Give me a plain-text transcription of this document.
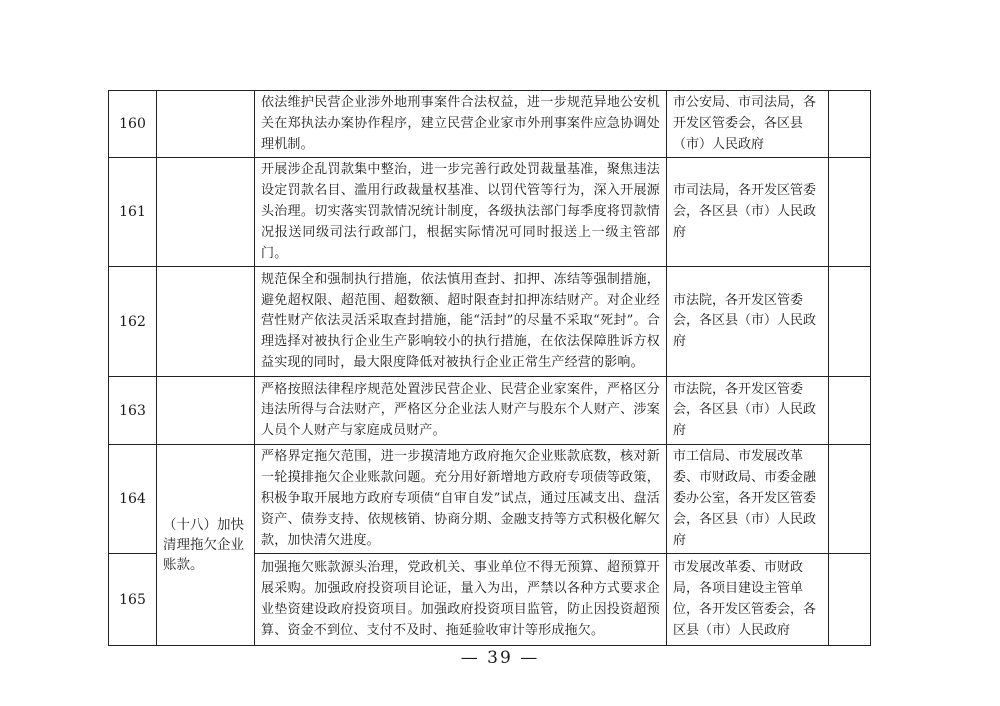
160		依法维护民营企业涉外地刑事案件合法权益，进一步规范异地公安机关在郑执法办案协作程序，建立民营企业家市外刑事案件应急协调处理机制。	市公安局、市司法局，各开发区管委会，各区县（市）人民政府	
161		开展涉企乱罚款集中整治，进一步完善行政处罚裁量基准，聚焦违法设定罚款名目、滥用行政裁量权基准、以罚代管等行为，深入开展源头治理。切实落实罚款情况统计制度，各级执法部门每季度将罚款情况报送同级司法行政部门，根据实际情况可同时报送上一级主管部门。	市司法局，各开发区管委会，各区县（市）人民政府	
162		规范保全和强制执行措施，依法慎用查封、扣押、冻结等强制措施，避免超权限、超范围、超数额、超时限查封扣押冻结财产。对企业经营性财产依法灵活采取查封措施，能“活封”的尽量不采取“死封”。合理选择对被执行企业生产影响较小的执行措施，在依法保障胜诉方权益实现的同时，最大限度降低对被执行企业正常生产经营的影响。	市法院，各开发区管委会，各区县（市）人民政府	
163		严格按照法律程序规范处置涉民营企业、民营企业家案件，严格区分违法所得与合法财产，严格区分企业法人财产与股东个人财产、涉案人员个人财产与家庭成员财产。	市法院，各开发区管委会，各区县（市）人民政府	
164	（十八）加快清理拖欠企业账款。	严格界定拖欠范围，进一步摸清地方政府拖欠企业账款底数，核对新一轮摸排拖欠企业账款问题。充分用好新增地方政府专项债等政策，积极争取开展地方政府专项债“自审自发”试点，通过压减支出、盘活资产、债券支持、依规核销、协商分期、金融支持等方式积极化解欠款，加快清欠进度。	市工信局、市发展改革委、市财政局、市委金融委办公室，各开发区管委会，各区县（市）人民政府	
165		加强拖欠账款源头治理，党政机关、事业单位不得无预算、超预算开展采购。加强政府投资项目论证，量入为出，严禁以各种方式要求企业垫资建设政府投资项目。加强政府投资项目监管，防止因投资超预算、资金不到位、支付不及时、拖延验收审计等形成拖欠。	市发展改革委、市财政局，各项目建设主管单位，各开发区管委会，各区县（市）人民政府	
— 39 —
